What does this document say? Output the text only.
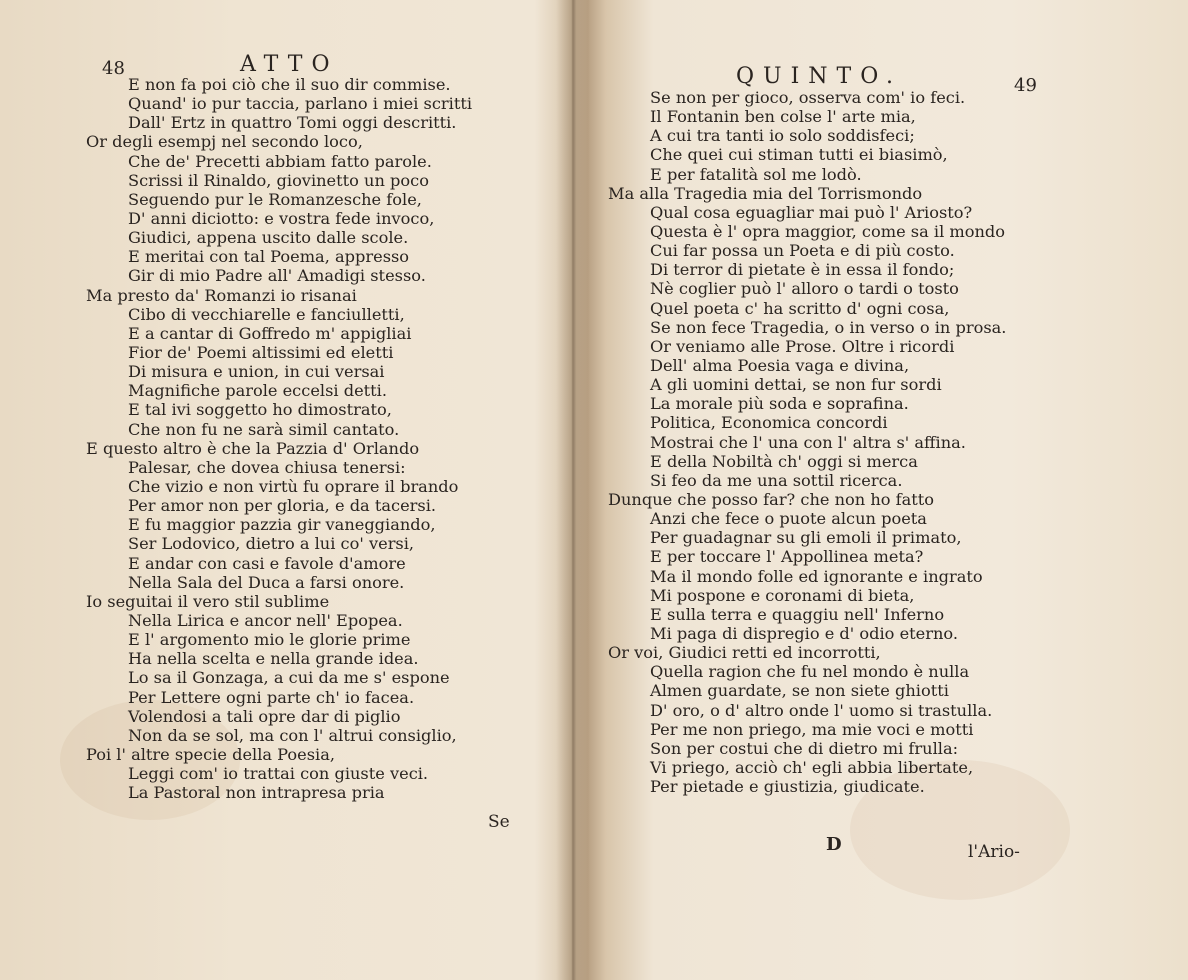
48	ATTO
E non fa poi ciò che il suo dir commise.
Quand' io pur taccia, parlano i miei scritti
Dall' Ertz in quattro Tomi oggi descritti.
Or degli esempj nel secondo loco,
Che de' Precetti abbiam fatto parole.
Scrissi il Rinaldo, giovinetto un poco
Seguendo pur le Romanzesche fole,
D' anni diciotto: e vostra fede invoco,
Giudici, appena uscito dalle scole.
E meritai con tal Poema, appresso
Gir di mio Padre all' Amadigi stesso.
Ma presto da' Romanzi io risanai
Cibo di vecchiarelle e fanciulletti,
E a cantar di Goffredo m' appigliai
Fior de' Poemi altissimi ed eletti
Di misura e union, in cui versai
Magnifiche parole eccelsi detti.
E tal ivi soggetto ho dimostrato,
Che non fu ne sarà simil cantato.
E questo altro è che la Pazzia d' Orlando
Palesar, che dovea chiusa tenersi:
Che vizio e non virtù fu oprare il brando
Per amor non per gloria, e da tacersi.
E fu maggior pazzia gir vaneggiando,
Ser Lodovico, dietro a lui co' versi,
E andar con casi e favole d'amore
Nella Sala del Duca a farsi onore.
Io seguitai il vero stil sublime
Nella Lirica e ancor nell' Epopea.
E l' argomento mio le glorie prime
Ha nella scelta e nella grande idea.
Lo sa il Gonzaga, a cui da me s' espone
Per Lettere ogni parte ch' io facea.
Volendosi a tali opre dar di piglio
Non da se sol, ma con l' altrui consiglio,
Poi l' altre specie della Poesia,
Leggi com' io trattai con giuste veci.
La Pastoral non intrapresa pria
Se
QUINTO.	49
Se non per gioco, osserva com' io feci.
Il Fontanin ben colse l' arte mia,
A cui tra tanti io solo soddisfeci;
Che quei cui stiman tutti ei biasimò,
E per fatalità sol me lodò.
Ma alla Tragedia mia del Torrismondo
Qual cosa eguagliar mai può l' Ariosto?
Questa è l' opra maggior, come sa il mondo
Cui far possa un Poeta e di più costo.
Di terror di pietate è in essa il fondo;
Nè coglier può l' alloro o tardi o tosto
Quel poeta c' ha scritto d' ogni cosa,
Se non fece Tragedia, o in verso o in prosa.
Or veniamo alle Prose. Oltre i ricordi
Dell' alma Poesia vaga e divina,
A gli uomini dettai, se non fur sordi
La morale più soda e soprafina.
Politica, Economica concordi
Mostrai che l' una con l' altra s' affina.
E della Nobiltà ch' oggi si merca
Si feo da me una sottil ricerca.
Dunque che posso far? che non ho fatto
Anzi che fece o puote alcun poeta
Per guadagnar su gli emoli il primato,
E per toccare l' Appollinea meta?
Ma il mondo folle ed ignorante e ingrato
Mi pospone e coronami di bieta,
E sulla terra e quaggiu nell' Inferno
Mi paga di dispregio e d' odio eterno.
Or voi, Giudici retti ed incorrotti,
Quella ragion che fu nel mondo è nulla
Almen guardate, se non siete ghiotti
D' oro, o d' altro onde l' uomo si trastulla.
Per me non priego, ma mie voci e motti
Son per costui che di dietro mi frulla:
Vi priego, acciò ch' egli abbia libertate,
Per pietade e giustizia, giudicate.
D	l'Ario-
